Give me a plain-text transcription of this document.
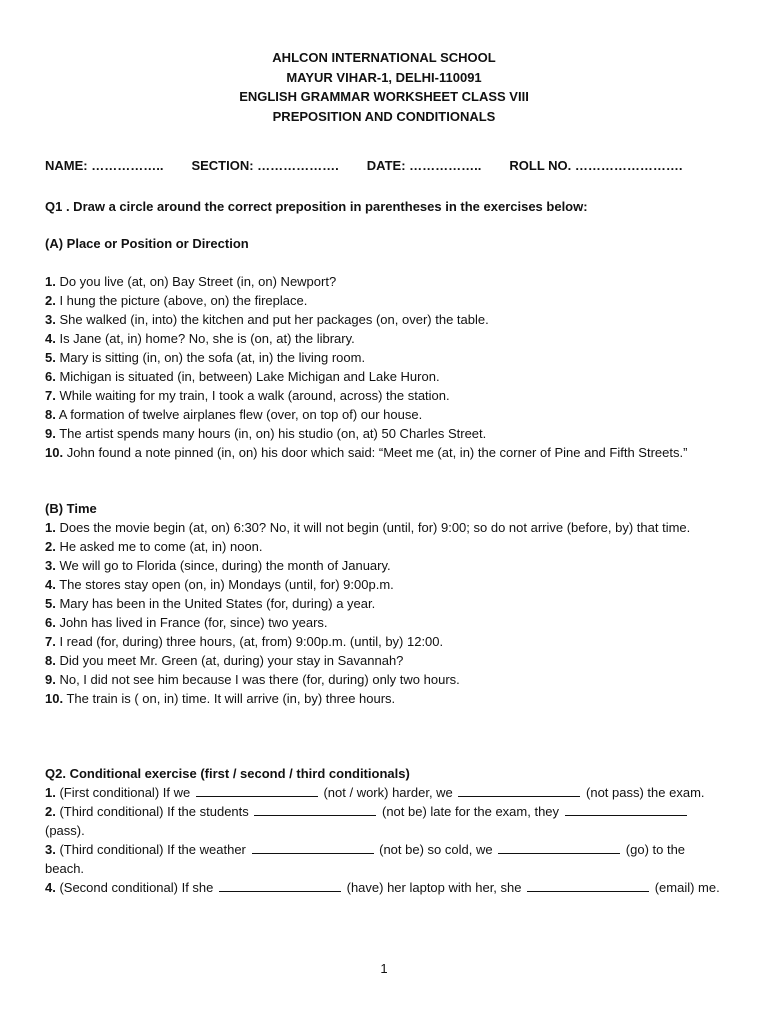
AHLCON INTERNATIONAL SCHOOL
MAYUR VIHAR-1, DELHI-110091
ENGLISH GRAMMAR WORKSHEET CLASS VIII
PREPOSITION AND CONDITIONALS
NAME: …………….. SECTION: ………………. DATE: …………….. ROLL NO. …………………….
Q1 . Draw a circle around the correct preposition in parentheses in the exercises below:
(A) Place or Position or Direction
1. Do you live (at, on) Bay Street (in, on) Newport?
2. I hung the picture (above, on) the fireplace.
3. She walked (in, into) the kitchen and put her packages (on, over) the table.
4. Is Jane (at, in) home? No, she is (on, at) the library.
5. Mary is sitting (in, on) the sofa (at, in) the living room.
6. Michigan is situated (in, between) Lake Michigan and Lake Huron.
7. While waiting for my train, I took a walk (around, across) the station.
8. A formation of twelve airplanes flew (over, on top of) our house.
9. The artist spends many hours (in, on) his studio (on, at) 50 Charles Street.
10. John found a note pinned (in, on) his door which said: “Meet me (at, in) the corner of Pine and Fifth Streets.”
(B) Time
1. Does the movie begin (at, on) 6:30? No, it will not begin (until, for) 9:00; so do not arrive (before, by) that time.
2. He asked me to come (at, in) noon.
3. We will go to Florida (since, during) the month of January.
4. The stores stay open (on, in) Mondays (until, for) 9:00p.m.
5. Mary has been in the United States (for, during) a year.
6. John has lived in France (for, since) two years.
7. I read (for, during) three hours, (at, from) 9:00p.m. (until, by) 12:00.
8. Did you meet Mr. Green (at, during) your stay in Savannah?
9. No, I did not see him because I was there (for, during) only two hours.
10. The train is ( on, in) time. It will arrive (in, by) three hours.
Q2. Conditional exercise (first / second / third conditionals)
1. (First conditional) If we	(not / work) harder, we	(not pass) the exam.
2. (Third conditional) If the students	(not be) late for the exam, they  (pass).
3. (Third conditional) If the weather	(not be) so cold, we	(go) to the beach.
4. (Second conditional) If she	(have) her laptop with her, she	(email) me.
1
